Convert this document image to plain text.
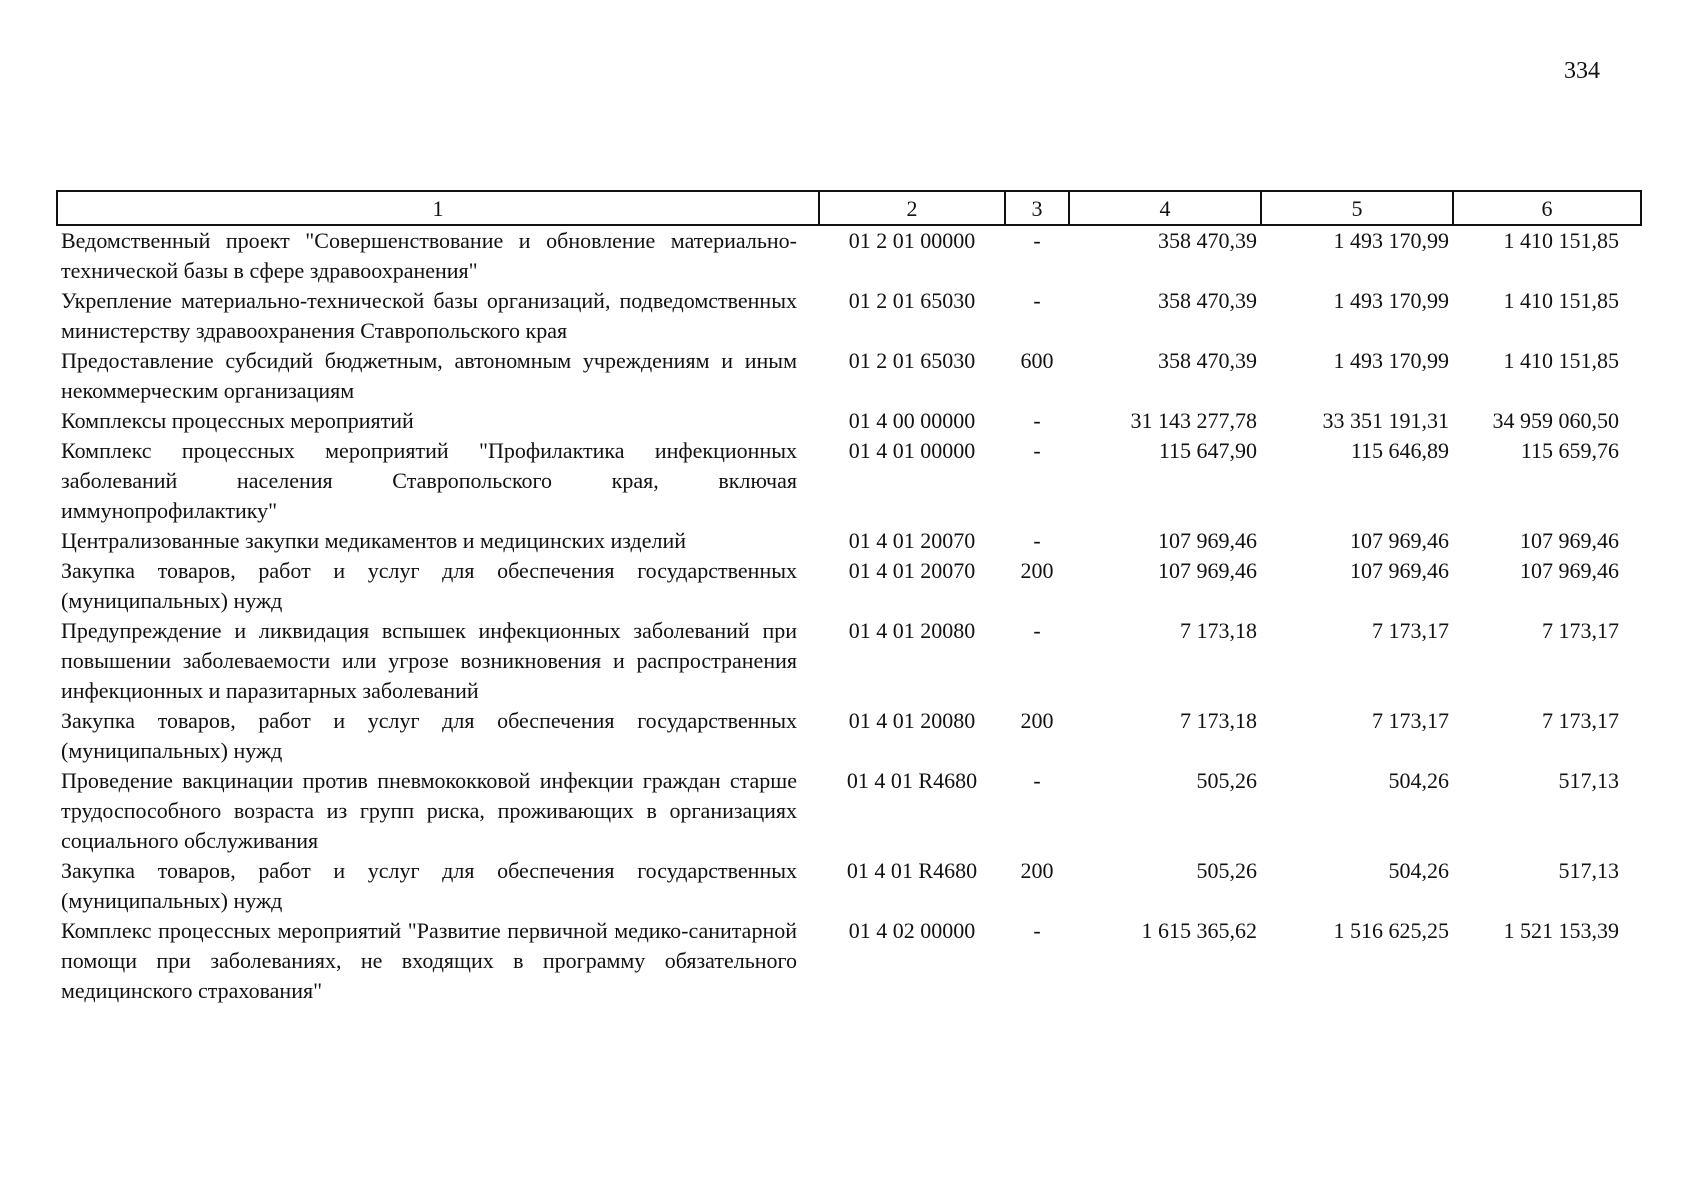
334
1	2	3	4	5	6
Ведомственный проект "Совершенствование и обновление материально-технической базы в сфере здравоохранения"	01 2 01 00000	-	358 470,39	1 493 170,99	1 410 151,85
Укрепление материально-технической базы организаций, подведомственных министерству здравоохранения Ставропольского края	01 2 01 65030	-	358 470,39	1 493 170,99	1 410 151,85
Предоставление субсидий бюджетным, автономным учреждениям и иным некоммерческим организациям	01 2 01 65030	600	358 470,39	1 493 170,99	1 410 151,85
Комплексы процессных мероприятий	01 4 00 00000	-	31 143 277,78	33 351 191,31	34 959 060,50
Комплекс процессных мероприятий "Профилактика инфекционных заболеваний населения Ставропольского края, включая иммунопрофилактику"	01 4 01 00000	-	115 647,90	115 646,89	115 659,76
Централизованные закупки медикаментов и медицинских изделий	01 4 01 20070	-	107 969,46	107 969,46	107 969,46
Закупка товаров, работ и услуг для обеспечения государственных (муниципальных) нужд	01 4 01 20070	200	107 969,46	107 969,46	107 969,46
Предупреждение и ликвидация вспышек инфекционных заболеваний при повышении заболеваемости или угрозе возникновения и распространения инфекционных и паразитарных заболеваний	01 4 01 20080	-	7 173,18	7 173,17	7 173,17
Закупка товаров, работ и услуг для обеспечения государственных (муниципальных) нужд	01 4 01 20080	200	7 173,18	7 173,17	7 173,17
Проведение вакцинации против пневмококковой инфекции граждан старше трудоспособного возраста из групп риска, проживающих в организациях социального обслуживания	01 4 01 R4680	-	505,26	504,26	517,13
Закупка товаров, работ и услуг для обеспечения государственных (муниципальных) нужд	01 4 01 R4680	200	505,26	504,26	517,13
Комплекс процессных мероприятий "Развитие первичной медико-санитарной помощи при заболеваниях, не входящих в программу обязательного медицинского страхования"	01 4 02 00000	-	1 615 365,62	1 516 625,25	1 521 153,39
